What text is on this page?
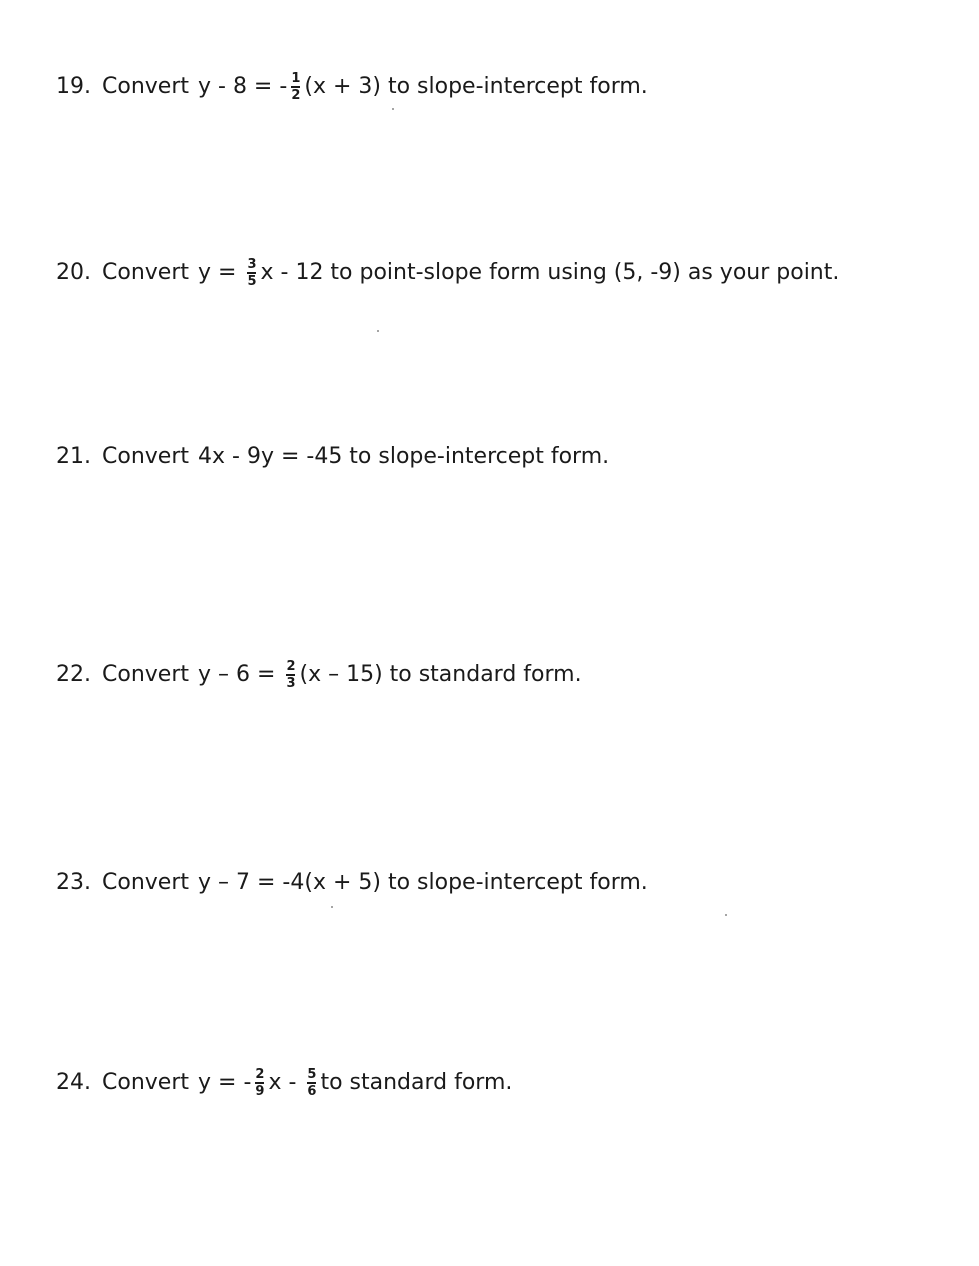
19. Convert y - 8 = - $\frac{1}{2} (x + 3)$ to slope-intercept form.
20. Convert $y = \frac{3}{5}$ x - 12 to point-slope form using (5, -9) as your point.
21. Convert 4x - 9y = -45 to slope-intercept form.
22. Convert $y - 6 = \frac{2}{3} (x - 15)$ to standard form.
23. Convert y – 7 = -4(x + 5) to slope-intercept form.
24. Convert y = - $\frac{2}{9}$ x - $\frac{5}{6}$ to standard form.
